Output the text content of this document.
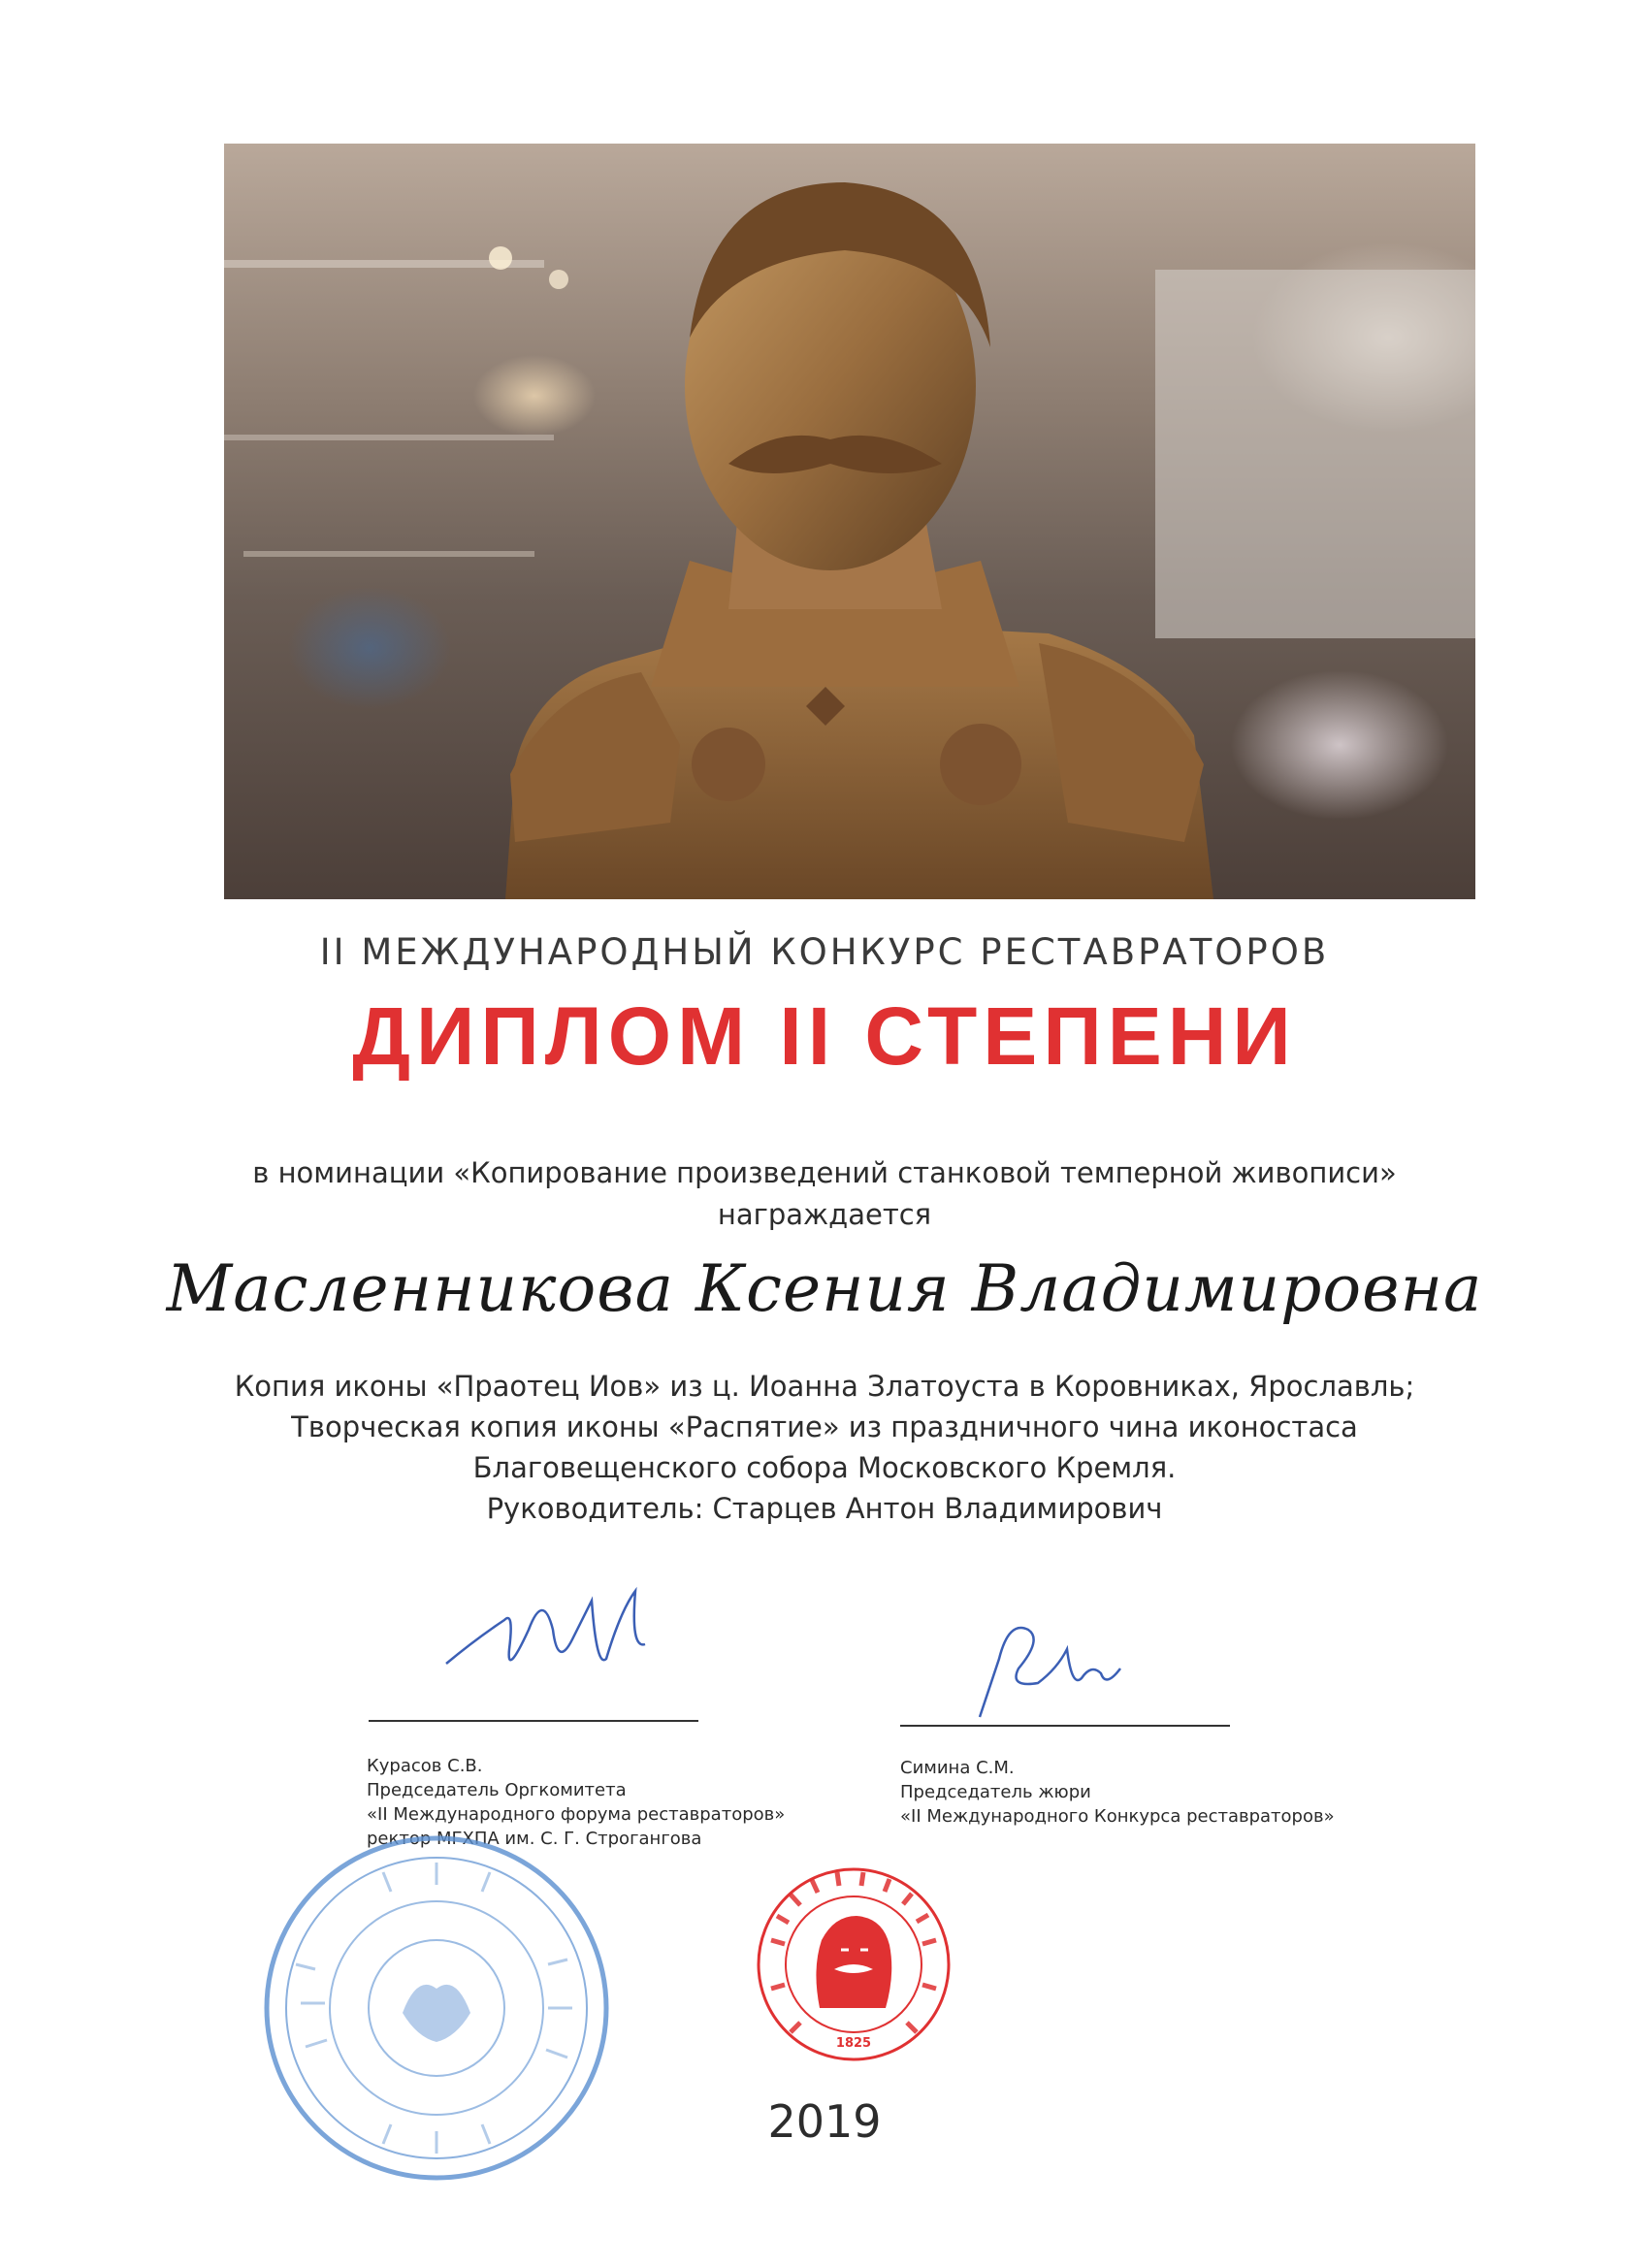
II МЕЖДУНАРОДНЫЙ КОНКУРС РЕСТАВРАТОРОВ
ДИПЛОМ II СТЕПЕНИ
в номинации «Копирование произведений станковой темперной живописи»
награждается
Масленникова Ксения Владимировна
Копия иконы «Праотец Иов» из ц. Иоанна Златоуста в Коровниках, Ярославль;
Творческая копия иконы «Распятие» из праздничного чина иконостаса
Благовещенского собора Московского Кремля.
Руководитель: Старцев Антон Владимирович
Курасов С.В.
Председатель Оргкомитета
«II Международного форума реставраторов»
ректор МГХПА им. С. Г. Строгангова
Симина С.М.
Председатель жюри
«II Международного Конкурса реставраторов»
1825
2019
